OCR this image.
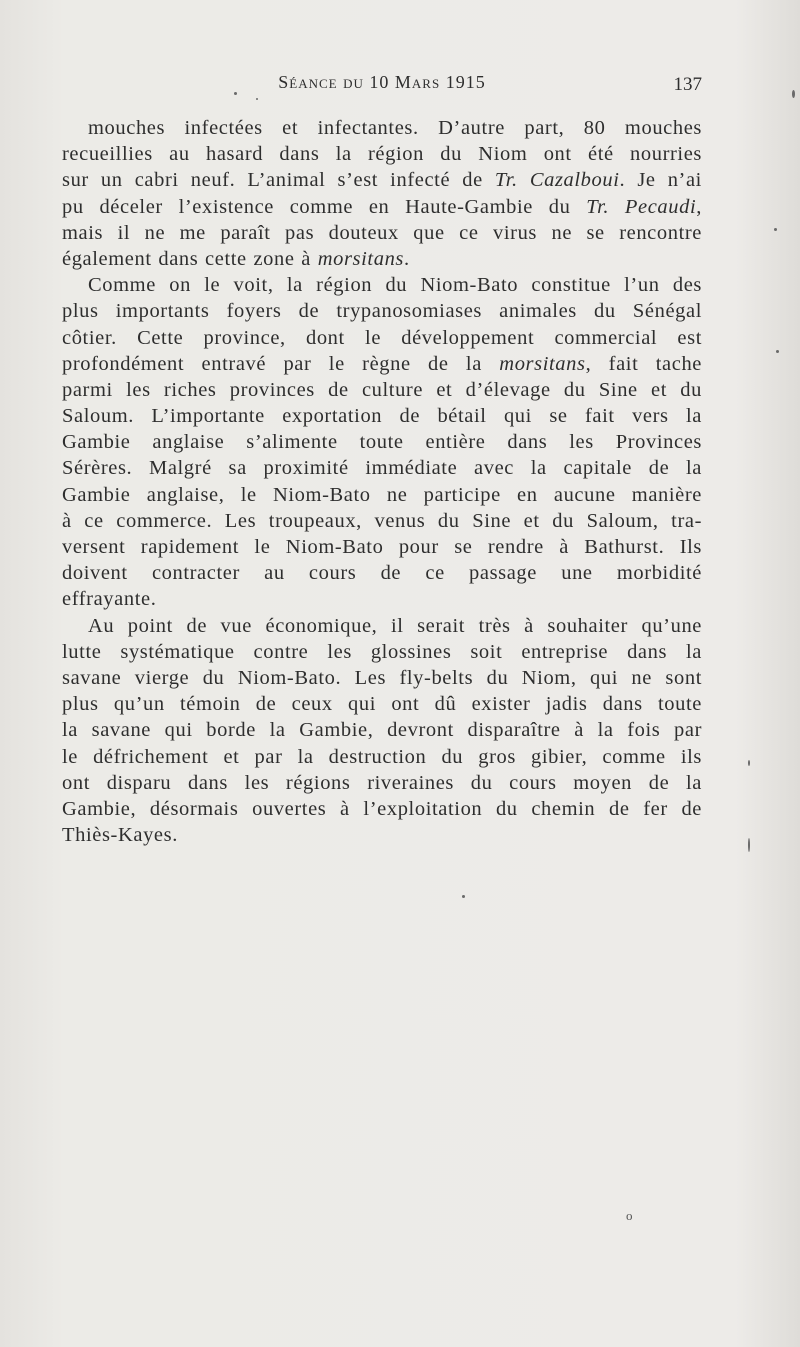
Séance du 10 Mars 1915	137
mouches infectées et infectantes. D’autre part, 80 mouches
recueillies au hasard dans la région du Niom ont été nourries
sur un cabri neuf. L’animal s’est infecté de Tr. Cazalboui. Je n’ai
pu déceler l’existence comme en Haute-Gambie du Tr. Pecaudi,
mais il ne me paraît pas douteux que ce virus ne se rencontre
également dans cette zone à morsitans.
Comme on le voit, la région du Niom-Bato constitue l’un des
plus importants foyers de trypanosomiases animales du Sénégal
côtier. Cette province, dont le développement commercial est
profondément entravé par le règne de la morsitans, fait tache
parmi les riches provinces de culture et d’élevage du Sine et du
Saloum. L’importante exportation de bétail qui se fait vers la
Gambie anglaise s’alimente toute entière dans les Provinces
Sérères. Malgré sa proximité immédiate avec la capitale de la
Gambie anglaise, le Niom-Bato ne participe en aucune manière
à ce commerce. Les troupeaux, venus du Sine et du Saloum, tra-
versent rapidement le Niom-Bato pour se rendre à Bathurst. Ils
doivent contracter au cours de ce passage une morbidité
effrayante.
Au point de vue économique, il serait très à souhaiter qu’une
lutte systématique contre les glossines soit entreprise dans la
savane vierge du Niom-Bato. Les fly-belts du Niom, qui ne sont
plus qu’un témoin de ceux qui ont dû exister jadis dans toute
la savane qui borde la Gambie, devront disparaître à la fois par
le défrichement et par la destruction du gros gibier, comme ils
ont disparu dans les régions riveraines du cours moyen de la
Gambie, désormais ouvertes à l’exploitation du chemin de fer de
Thiès-Kayes.
o
